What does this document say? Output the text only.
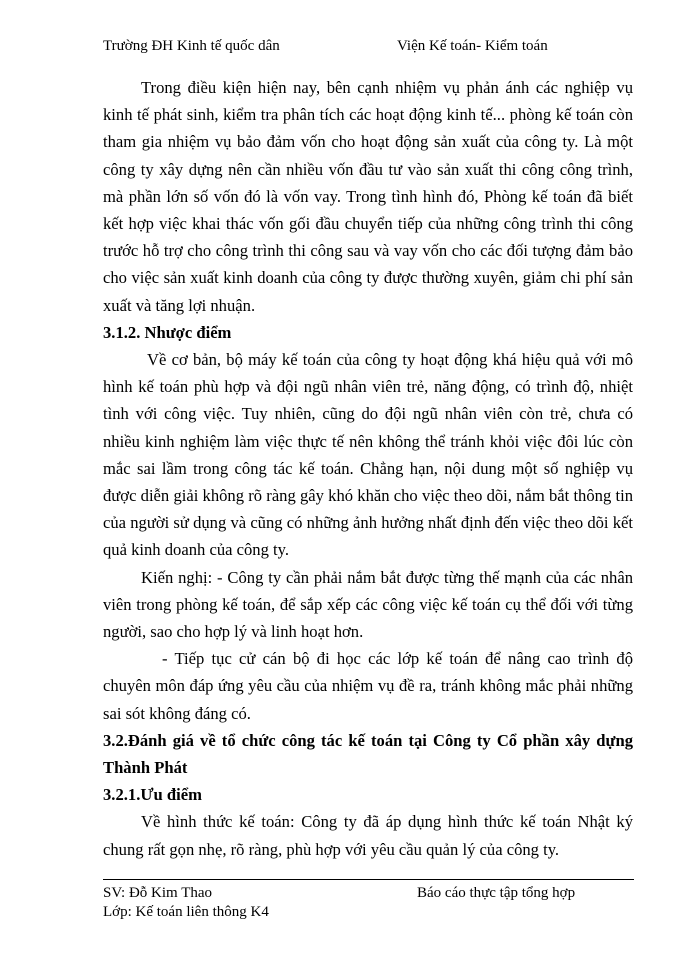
Trường ĐH Kinh tế quốc dân	Viện Kế toán- Kiểm toán

Trong điều kiện hiện nay, bên cạnh nhiệm vụ phản ánh các nghiệp vụ kinh tế phát sinh, kiểm tra phân tích các hoạt động kinh tế... phòng kế toán còn tham gia nhiệm vụ bảo đảm vốn cho hoạt động sản xuất của công ty. Là một công ty xây dựng nên cần nhiều vốn đầu tư vào sản xuất thi công công trình, mà phần lớn số vốn đó là vốn vay. Trong tình hình đó, Phòng kế toán đã biết kết hợp việc khai thác vốn gối đầu chuyển tiếp của những công trình thi công trước hỗ trợ cho công trình thi công sau và vay vốn cho các đối tượng đảm bảo cho việc sản xuất kinh doanh của công ty được thường xuyên, giảm chi phí sản xuất và tăng lợi nhuận.

3.1.2. Nhược điểm

Về cơ bản, bộ máy kế toán của công ty hoạt động khá hiệu quả với mô hình kế toán phù hợp và đội ngũ nhân viên trẻ, năng động, có trình độ, nhiệt tình với công việc. Tuy nhiên, cũng do đội ngũ nhân viên còn trẻ, chưa có nhiều kinh nghiệm làm việc thực tế nên không thể tránh khỏi việc đôi lúc còn mắc sai lầm trong công tác kế toán. Chẳng hạn, nội dung một số nghiệp vụ được diễn giải không rõ ràng gây khó khăn cho việc theo dõi, nắm bắt thông tin của người sử dụng và cũng có những ảnh hưởng nhất định đến việc theo dõi kết quả kinh doanh của công ty.

Kiến nghị: - Công ty cần phải nắm bắt được từng thế mạnh của các nhân viên trong phòng kế toán, để sắp xếp các công việc kế toán cụ thể đối với từng người, sao cho hợp lý và linh hoạt hơn.

- Tiếp tục cử cán bộ đi học các lớp kế toán để nâng cao trình độ chuyên môn đáp ứng yêu cầu của nhiệm vụ đề ra, tránh không mắc phải những sai sót không đáng có.

3.2.Đánh giá về tổ chức công tác kế toán tại Công ty Cổ phần xây dựng Thành Phát

3.2.1.Ưu điểm

Về hình thức kế toán: Công ty đã áp dụng hình thức kế toán Nhật ký chung rất gọn nhẹ, rõ ràng, phù hợp với yêu cầu quản lý của công ty.

SV: Đỗ Kim Thao	Báo cáo thực tập tổng hợp
Lớp: Kế toán liên thông K4
